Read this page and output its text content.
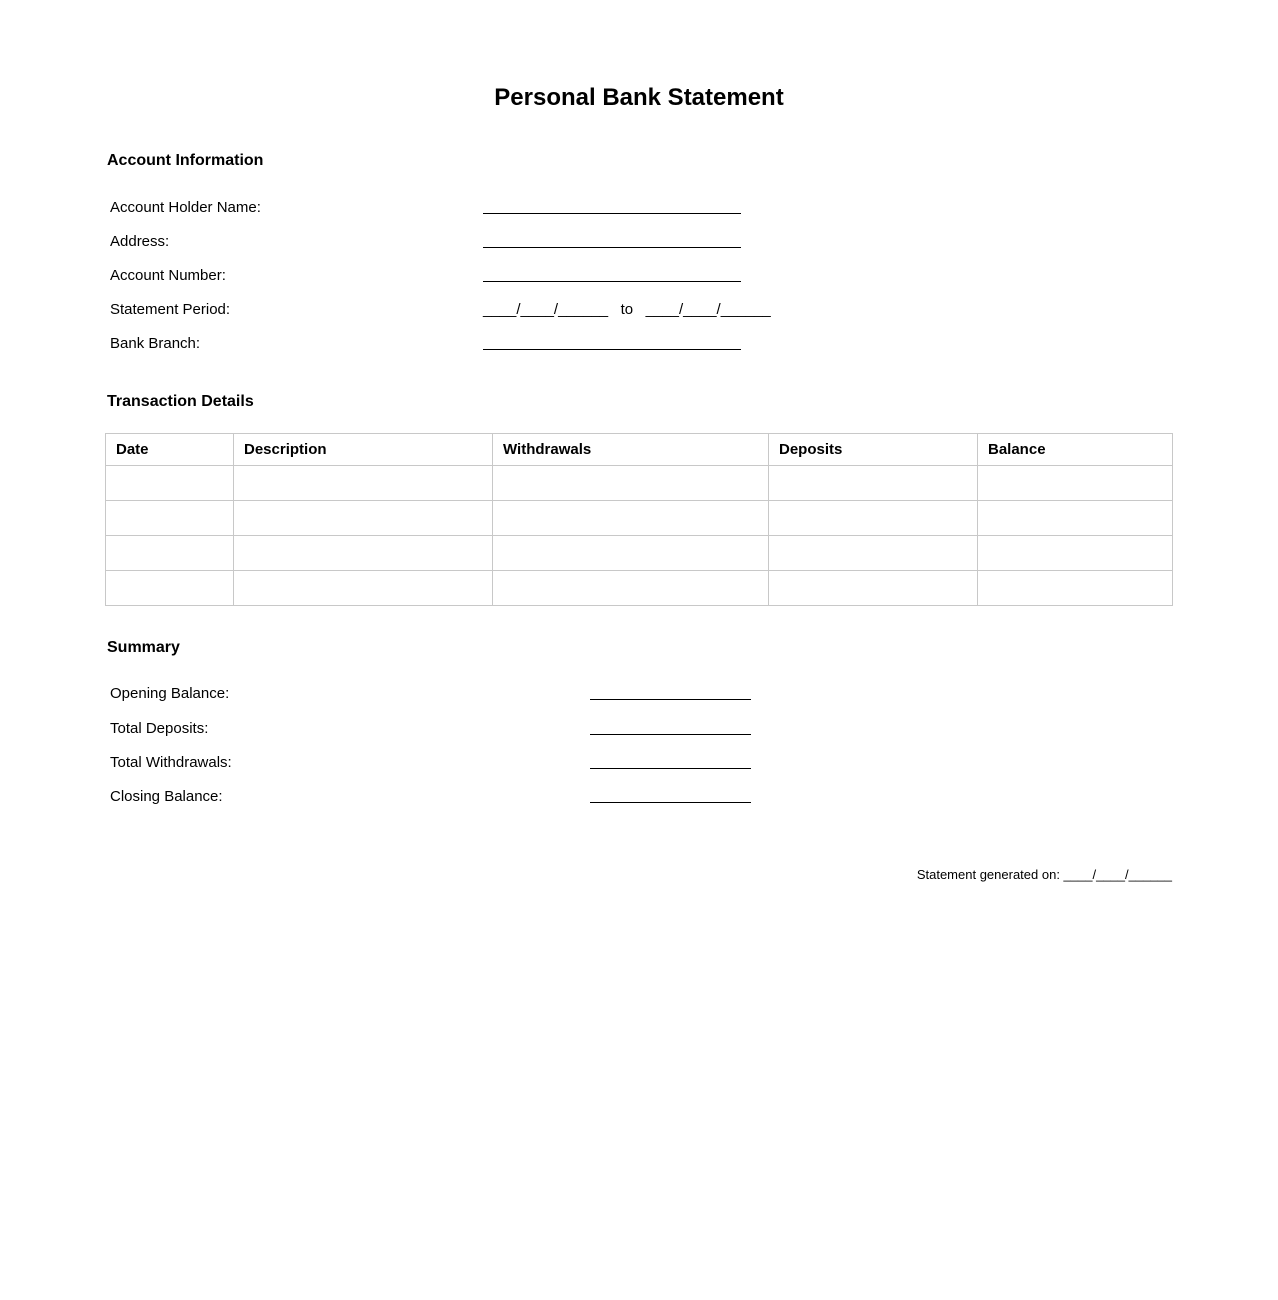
Personal Bank Statement
Account Information
Account Holder Name:
Address:
Account Number:
Statement Period:	____/____/______   to   ____/____/______
Bank Branch:
Transaction Details
Date	Description	Withdrawals	Deposits	Balance

Summary
Opening Balance:
Total Deposits:
Total Withdrawals:
Closing Balance:

Statement generated on: ____/____/______
